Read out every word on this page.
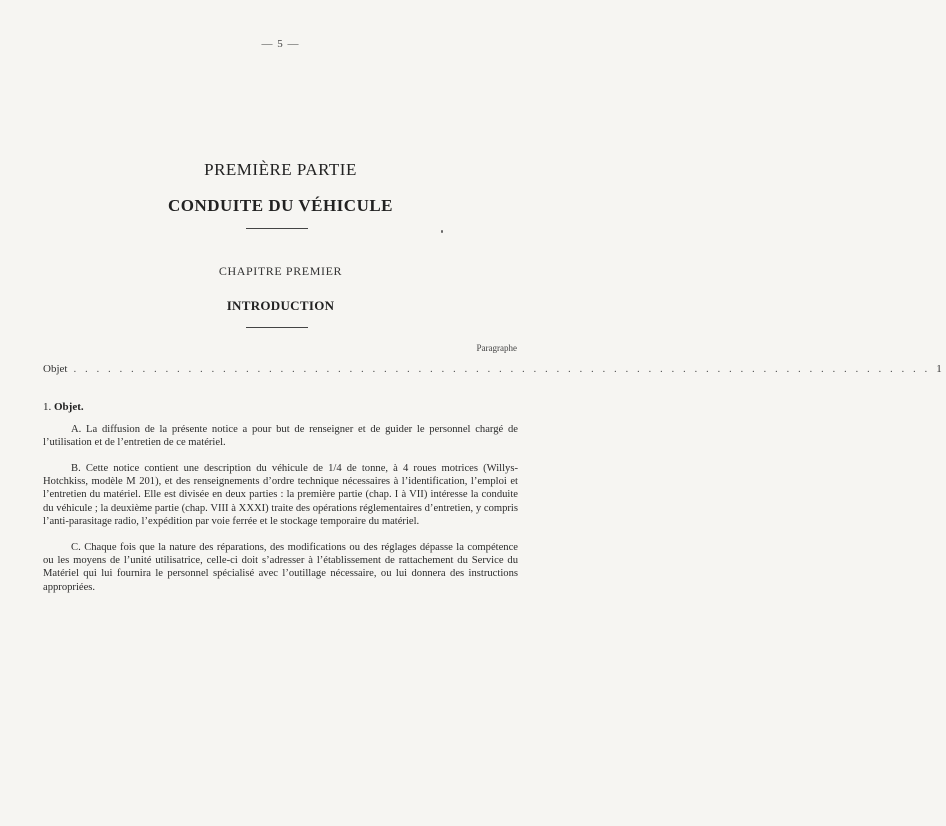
— 5 —
PREMIÈRE PARTIE
CONDUITE DU VÉHICULE
CHAPITRE PREMIER
INTRODUCTION
Paragraphe
Objet . . . . . . . . . . . . . . . . . . . . . . . . . . . . . . . . . . . . . . . . . . . . . . . . . . . . . . . . . . . . . . . . . . . . . . . . . . . 1
1. Objet.

A. La diffusion de la présente notice a pour but de renseigner et de guider le personnel chargé de l’utilisation et de l’entretien de ce matériel.

B. Cette notice contient une description du véhicule de 1/4 de tonne, à 4 roues motrices (Willys-Hotchkiss, modèle M 201), et des renseignements d’ordre technique nécessaires à l’identification, l’emploi et l’entretien du matériel. Elle est divisée en deux parties : la première partie (chap. I à VII) intéresse la conduite du véhicule ; la deuxième partie (chap. VIII à XXXI) traite des opérations réglementaires d’entretien, y compris l’anti-parasitage radio, l’expédition par voie ferrée et le stockage temporaire du matériel.

C. Chaque fois que la nature des réparations, des modifications ou des réglages dépasse la compétence ou les moyens de l’unité utilisatrice, celle-ci doit s’adresser à l’établissement de rattachement du Service du Matériel qui lui fournira le personnel spécialisé avec l’outillage nécessaire, ou lui donnera des instructions appropriées.
